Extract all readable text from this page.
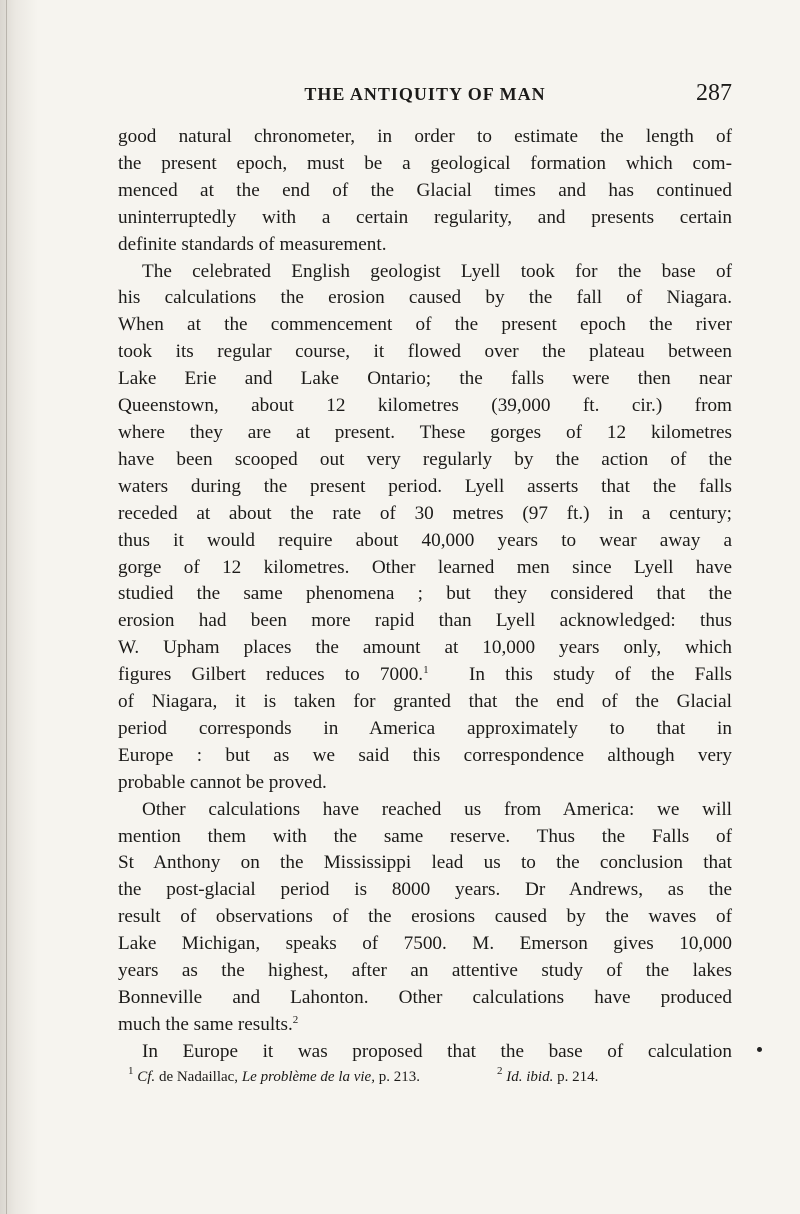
THE ANTIQUITY OF MAN	287
good natural chronometer, in order to estimate the length of
the present epoch, must be a geological formation which com-
menced at the end of the Glacial times and has continued
uninterruptedly with a certain regularity, and presents certain
definite standards of measurement.
The celebrated English geologist Lyell took for the base of
his calculations the erosion caused by the fall of Niagara.
When at the commencement of the present epoch the river
took its regular course, it flowed over the plateau between
Lake Erie and Lake Ontario; the falls were then near
Queenstown, about 12 kilometres (39,000 ft. cir.) from
where they are at present. These gorges of 12 kilometres
have been scooped out very regularly by the action of the
waters during the present period. Lyell asserts that the falls
receded at about the rate of 30 metres (97 ft.) in a century;
thus it would require about 40,000 years to wear away a
gorge of 12 kilometres. Other learned men since Lyell have
studied the same phenomena ; but they considered that the
erosion had been more rapid than Lyell acknowledged: thus
W. Upham places the amount at 10,000 years only, which
figures Gilbert reduces to 7000.$^1$ In this study of the Falls
of Niagara, it is taken for granted that the end of the Glacial
period corresponds in America approximately to that in
Europe : but as we said this correspondence although very
probable cannot be proved.
Other calculations have reached us from America: we will
mention them with the same reserve. Thus the Falls of
St Anthony on the Mississippi lead us to the conclusion that
the post-glacial period is 8000 years. Dr Andrews, as the
result of observations of the erosions caused by the waves of
Lake Michigan, speaks of 7500. M. Emerson gives 10,000
years as the highest, after an attentive study of the lakes
Bonneville and Lahonton. Other calculations have produced
much the same results.$^2$
In Europe it was proposed that the base of calculation
$^1$ Cf. de Nadaillac, Le problème de la vie, p. 213.	$^2$ Id. ibid. p. 214.
